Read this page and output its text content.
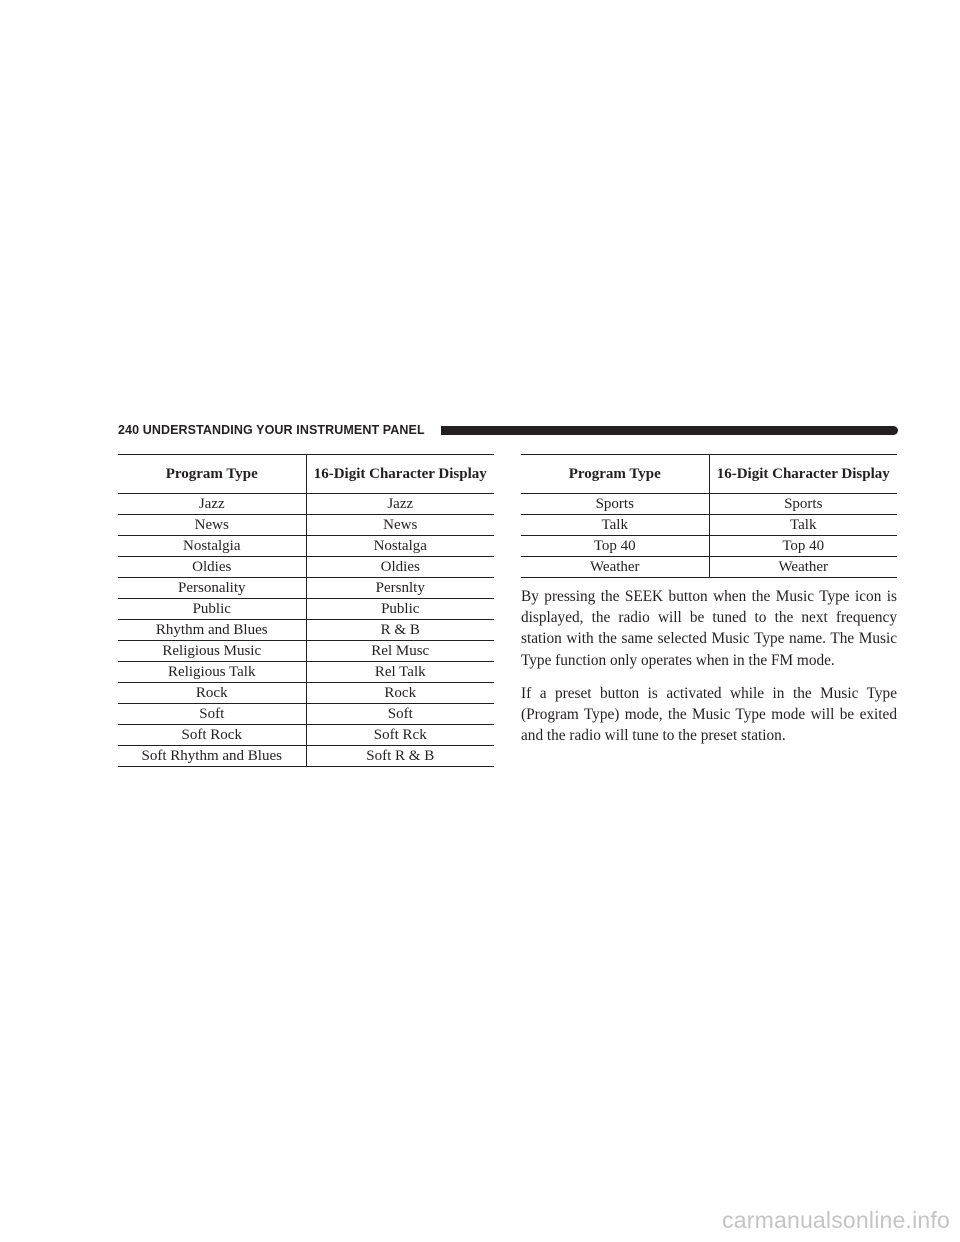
240 UNDERSTANDING YOUR INSTRUMENT PANEL
Program Type	16-Digit Character Display
Jazz	Jazz
News	News
Nostalgia	Nostalga
Oldies	Oldies
Personality	Persnlty
Public	Public
Rhythm and Blues	R & B
Religious Music	Rel Musc
Religious Talk	Rel Talk
Rock	Rock
Soft	Soft
Soft Rock	Soft Rck
Soft Rhythm and Blues	Soft R & B
Program Type	16-Digit Character Display
Sports	Sports
Talk	Talk
Top 40	Top 40
Weather	Weather

By pressing the SEEK button when the Music Type icon is displayed, the radio will be tuned to the next frequency station with the same selected Music Type name. The Music Type function only operates when in the FM mode.

If a preset button is activated while in the Music Type (Program Type) mode, the Music Type mode will be exited and the radio will tune to the preset station.

carmanualsonline.info
